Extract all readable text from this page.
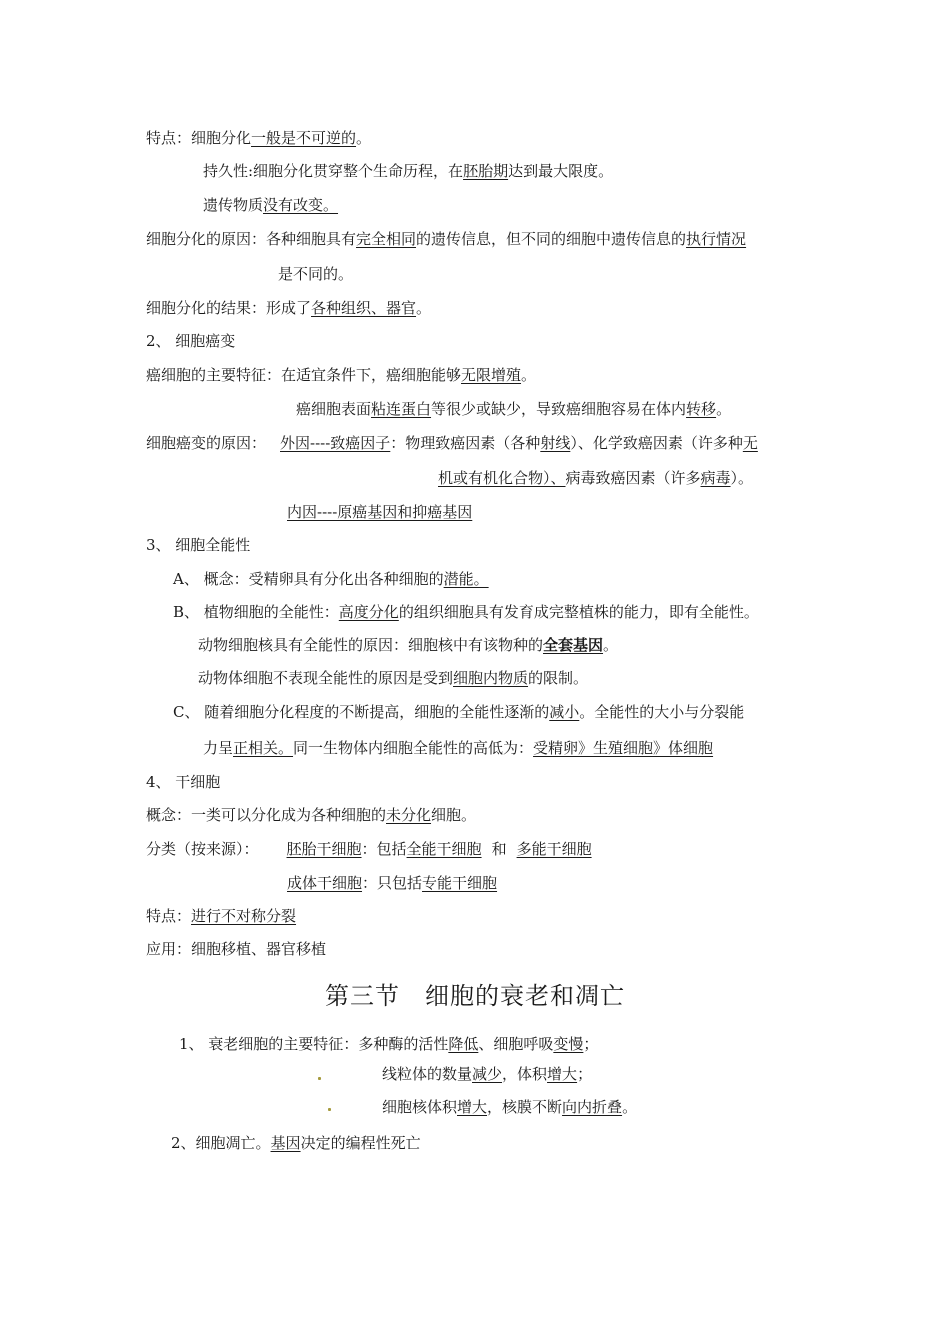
特点：细胞分化一般是不可逆的。
持久性:细胞分化贯穿整个生命历程，在胚胎期达到最大限度。
遗传物质没有改变。
细胞分化的原因：各种细胞具有完全相同的遗传信息，但不同的细胞中遗传信息的执行情况
是不同的。
细胞分化的结果：形成了各种组织、器官。
2、 细胞癌变
癌细胞的主要特征：在适宜条件下，癌细胞能够无限增殖。
癌细胞表面粘连蛋白等很少或缺少，导致癌细胞容易在体内转移。
细胞癌变的原因： 外因----致癌因子：物理致癌因素（各种射线）、化学致癌因素（许多种无
机或有机化合物）、病毒致癌因素（许多病毒）。
内因----原癌基因和抑癌基因
3、 细胞全能性
A、 概念：受精卵具有分化出各种细胞的潜能。
B、 植物细胞的全能性：高度分化的组织细胞具有发育成完整植株的能力，即有全能性。
动物细胞核具有全能性的原因：细胞核中有该物种的全套基因。
动物体细胞不表现全能性的原因是受到细胞内物质的限制。
C、 随着细胞分化程度的不断提高，细胞的全能性逐渐的减小。全能性的大小与分裂能
力呈正相关。同一生物体内细胞全能性的高低为：受精卵》生殖细胞》体细胞
4、 干细胞
概念：一类可以分化成为各种细胞的未分化细胞。
分类（按来源）： 胚胎干细胞：包括全能干细胞 和 多能干细胞
成体干细胞：只包括专能干细胞
特点：进行不对称分裂
应用：细胞移植、器官移植
第三节　细胞的衰老和凋亡
1、 衰老细胞的主要特征：多种酶的活性降低、细胞呼吸变慢；
线粒体的数量减少，体积增大；
细胞核体积增大，核膜不断向内折叠。
2、细胞凋亡。基因决定的编程性死亡
